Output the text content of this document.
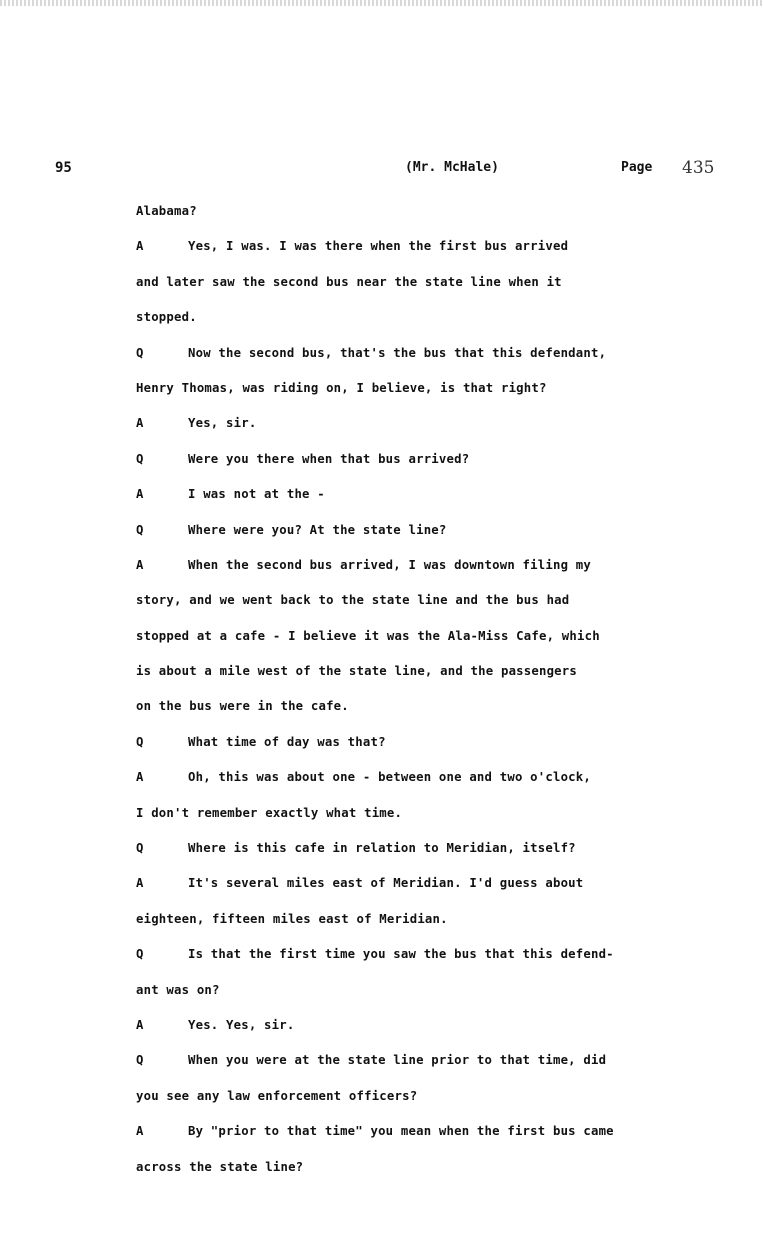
95	(Mr. McHale)	Page 435
Alabama?
A	Yes, I was. I was there when the first bus arrived
and later saw the second bus near the state line when it
stopped.
Q	Now the second bus, that's the bus that this defendant,
Henry Thomas, was riding on, I believe, is that right?
A	Yes, sir.
Q	Were you there when that bus arrived?
A	I was not at the -
Q	Where were you? At the state line?
A	When the second bus arrived, I was downtown filing my
story, and we went back to the state line and the bus had
stopped at a cafe - I believe it was the Ala-Miss Cafe, which
is about a mile west of the state line, and the passengers
on the bus were in the cafe.
Q	What time of day was that?
A	Oh, this was about one - between one and two o'clock,
I don't remember exactly what time.
Q	Where is this cafe in relation to Meridian, itself?
A	It's several miles east of Meridian. I'd guess about
eighteen, fifteen miles east of Meridian.
Q	Is that the first time you saw the bus that this defend-
ant was on?
A	Yes. Yes, sir.
Q	When you were at the state line prior to that time, did
you see any law enforcement officers?
A	By "prior to that time" you mean when the first bus came
across the state line?
